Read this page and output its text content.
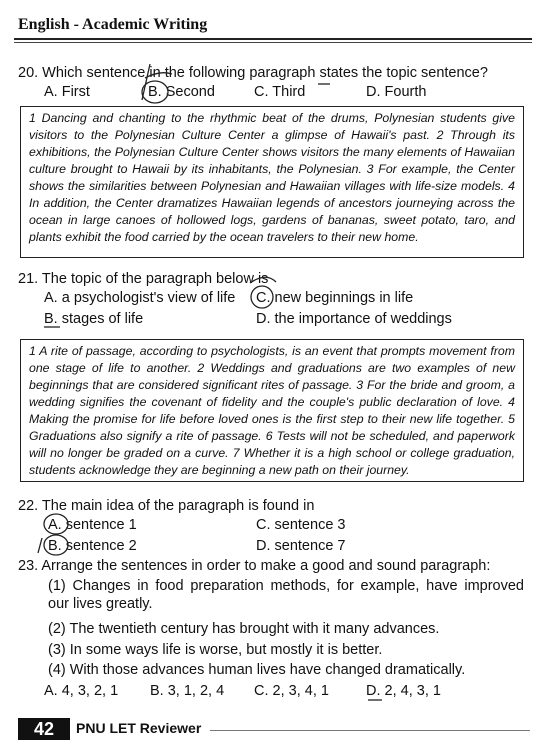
English - Academic Writing
20. Which sentence in the following paragraph states the topic sentence?
A. First	B. Second	C. Third	D. Fourth
1 Dancing and chanting to the rhythmic beat of the drums, Polynesian students give visitors to the Polynesian Culture Center a glimpse of Hawaii's past. 2 Through its exhibitions, the Polynesian Culture Center shows visitors the many elements of Hawaiian culture brought to Hawaii by its inhabitants, the Polynesian. 3 For example, the Center shows the similarities between Polynesian and Hawaiian villages with life-size models. 4 In addition, the Center dramatizes Hawaiian legends of ancestors journeying across the ocean in large canoes of hollowed logs, gardens of bananas, sweet potato, taro, and plants exhibit the food carried by the ocean travelers to their new home.
21. The topic of the paragraph below is
A. a psychologist's view of life C. new beginnings in life
B. stages of life	D. the importance of weddings
1 A rite of passage, according to psychologists, is an event that prompts movement from one stage of life to another. 2 Weddings and graduations are two examples of new beginnings that are considered significant rites of passage. 3 For the bride and groom, a wedding signifies the covenant of fidelity and the couple's public declaration of love. 4 Making the promise for life before loved ones is the first step to their new life together. 5 Graduations also signify a rite of passage. 6 Tests will not be scheduled, and paperwork will no longer be graded on a curve. 7 Whether it is a high school or college graduation, students acknowledge they are beginning a new path on their journey.
22. The main idea of the paragraph is found in
A. sentence 1	C. sentence 3
B. sentence 2	D. sentence 7
23. Arrange the sentences in order to make a good and sound paragraph:
(1) Changes in food preparation methods, for example, have improved our lives greatly.
(2) The twentieth century has brought with it many advances.
(3) In some ways life is worse, but mostly it is better.
(4) With those advances human lives have changed dramatically.
A. 4, 3, 2, 1 B. 3, 1, 2, 4 C. 2, 3, 4, 1	D. 2, 4, 3, 1
42	PNU LET Reviewer
